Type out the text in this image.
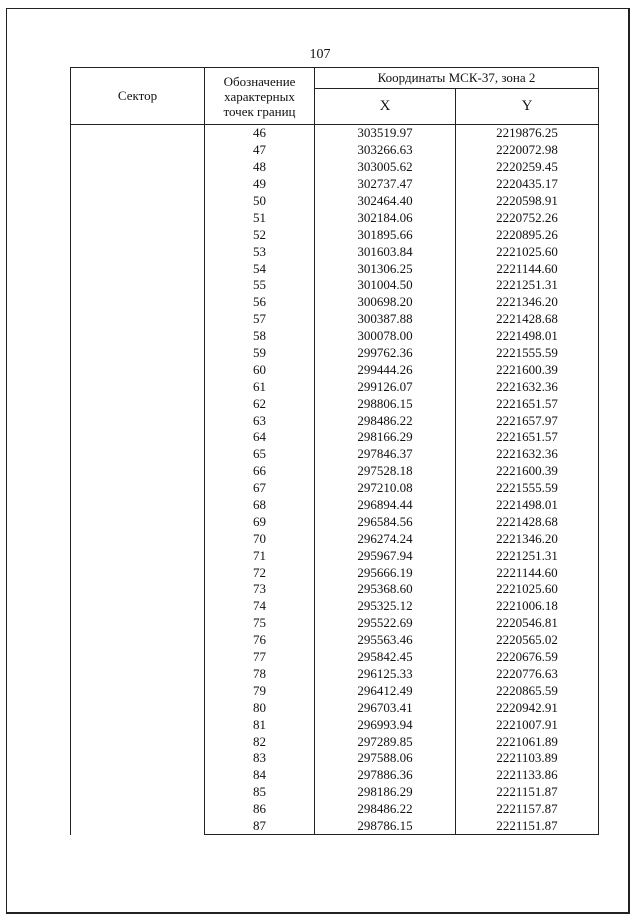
107
Сектор	Обозначение
характерных
точек границ	Координаты МСК-37, зона 2	
		X	Y
	46	303519.97	2219876.25
	47	303266.63	2220072.98
	48	303005.62	2220259.45
	49	302737.47	2220435.17
	50	302464.40	2220598.91
	51	302184.06	2220752.26
	52	301895.66	2220895.26
	53	301603.84	2221025.60
	54	301306.25	2221144.60
	55	301004.50	2221251.31
	56	300698.20	2221346.20
	57	300387.88	2221428.68
	58	300078.00	2221498.01
	59	299762.36	2221555.59
	60	299444.26	2221600.39
	61	299126.07	2221632.36
	62	298806.15	2221651.57
	63	298486.22	2221657.97
	64	298166.29	2221651.57
	65	297846.37	2221632.36
	66	297528.18	2221600.39
	67	297210.08	2221555.59
	68	296894.44	2221498.01
	69	296584.56	2221428.68
	70	296274.24	2221346.20
	71	295967.94	2221251.31
	72	295666.19	2221144.60
	73	295368.60	2221025.60
	74	295325.12	2221006.18
	75	295522.69	2220546.81
	76	295563.46	2220565.02
	77	295842.45	2220676.59
	78	296125.33	2220776.63
	79	296412.49	2220865.59
	80	296703.41	2220942.91
	81	296993.94	2221007.91
	82	297289.85	2221061.89
	83	297588.06	2221103.89
	84	297886.36	2221133.86
	85	298186.29	2221151.87
	86	298486.22	2221157.87
	87	298786.15	2221151.87
